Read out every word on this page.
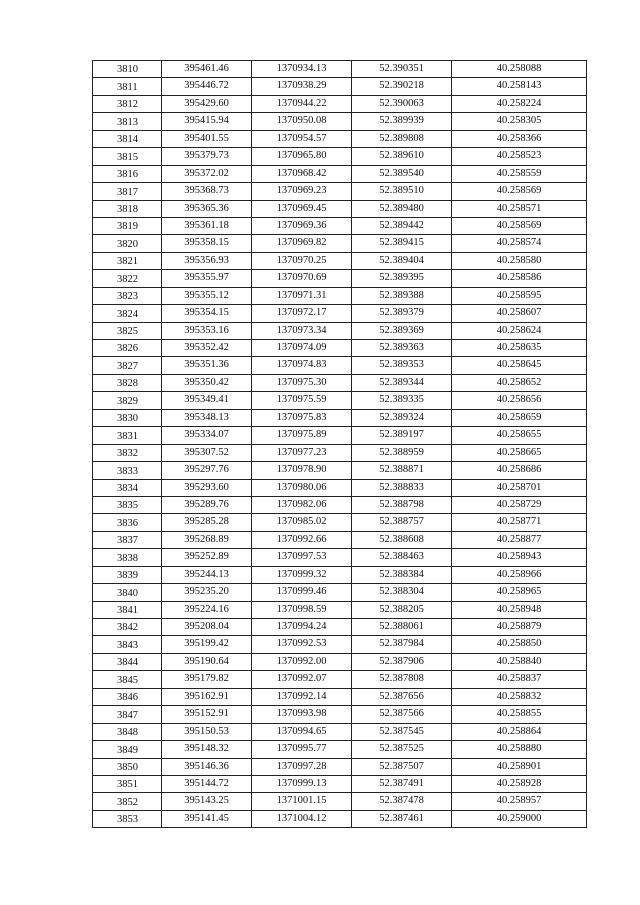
3810	395461.46	1370934.13	52.390351	40.258088
3811	395446.72	1370938.29	52.390218	40.258143
3812	395429.60	1370944.22	52.390063	40.258224
3813	395415.94	1370950.08	52.389939	40.258305
3814	395401.55	1370954.57	52.389808	40.258366
3815	395379.73	1370965.80	52.389610	40.258523
3816	395372.02	1370968.42	52.389540	40.258559
3817	395368.73	1370969.23	52.389510	40.258569
3818	395365.36	1370969.45	52.389480	40.258571
3819	395361.18	1370969.36	52.389442	40.258569
3820	395358.15	1370969.82	52.389415	40.258574
3821	395356.93	1370970.25	52.389404	40.258580
3822	395355.97	1370970.69	52.389395	40.258586
3823	395355.12	1370971.31	52.389388	40.258595
3824	395354.15	1370972.17	52.389379	40.258607
3825	395353.16	1370973.34	52.389369	40.258624
3826	395352.42	1370974.09	52.389363	40.258635
3827	395351.36	1370974.83	52.389353	40.258645
3828	395350.42	1370975.30	52.389344	40.258652
3829	395349.41	1370975.59	52.389335	40.258656
3830	395348.13	1370975.83	52.389324	40.258659
3831	395334.07	1370975.89	52.389197	40.258655
3832	395307.52	1370977.23	52.388959	40.258665
3833	395297.76	1370978.90	52.388871	40.258686
3834	395293.60	1370980.06	52.388833	40.258701
3835	395289.76	1370982.06	52.388798	40.258729
3836	395285.28	1370985.02	52.388757	40.258771
3837	395268.89	1370992.66	52.388608	40.258877
3838	395252.89	1370997.53	52.388463	40.258943
3839	395244.13	1370999.32	52.388384	40.258966
3840	395235.20	1370999.46	52.388304	40.258965
3841	395224.16	1370998.59	52.388205	40.258948
3842	395208.04	1370994.24	52.388061	40.258879
3843	395199.42	1370992.53	52.387984	40.258850
3844	395190.64	1370992.00	52.387906	40.258840
3845	395179.82	1370992.07	52.387808	40.258837
3846	395162.91	1370992.14	52.387656	40.258832
3847	395152.91	1370993.98	52.387566	40.258855
3848	395150.53	1370994.65	52.387545	40.258864
3849	395148.32	1370995.77	52.387525	40.258880
3850	395146.36	1370997.28	52.387507	40.258901
3851	395144.72	1370999.13	52.387491	40.258928
3852	395143.25	1371001.15	52.387478	40.258957
3853	395141.45	1371004.12	52.387461	40.259000
